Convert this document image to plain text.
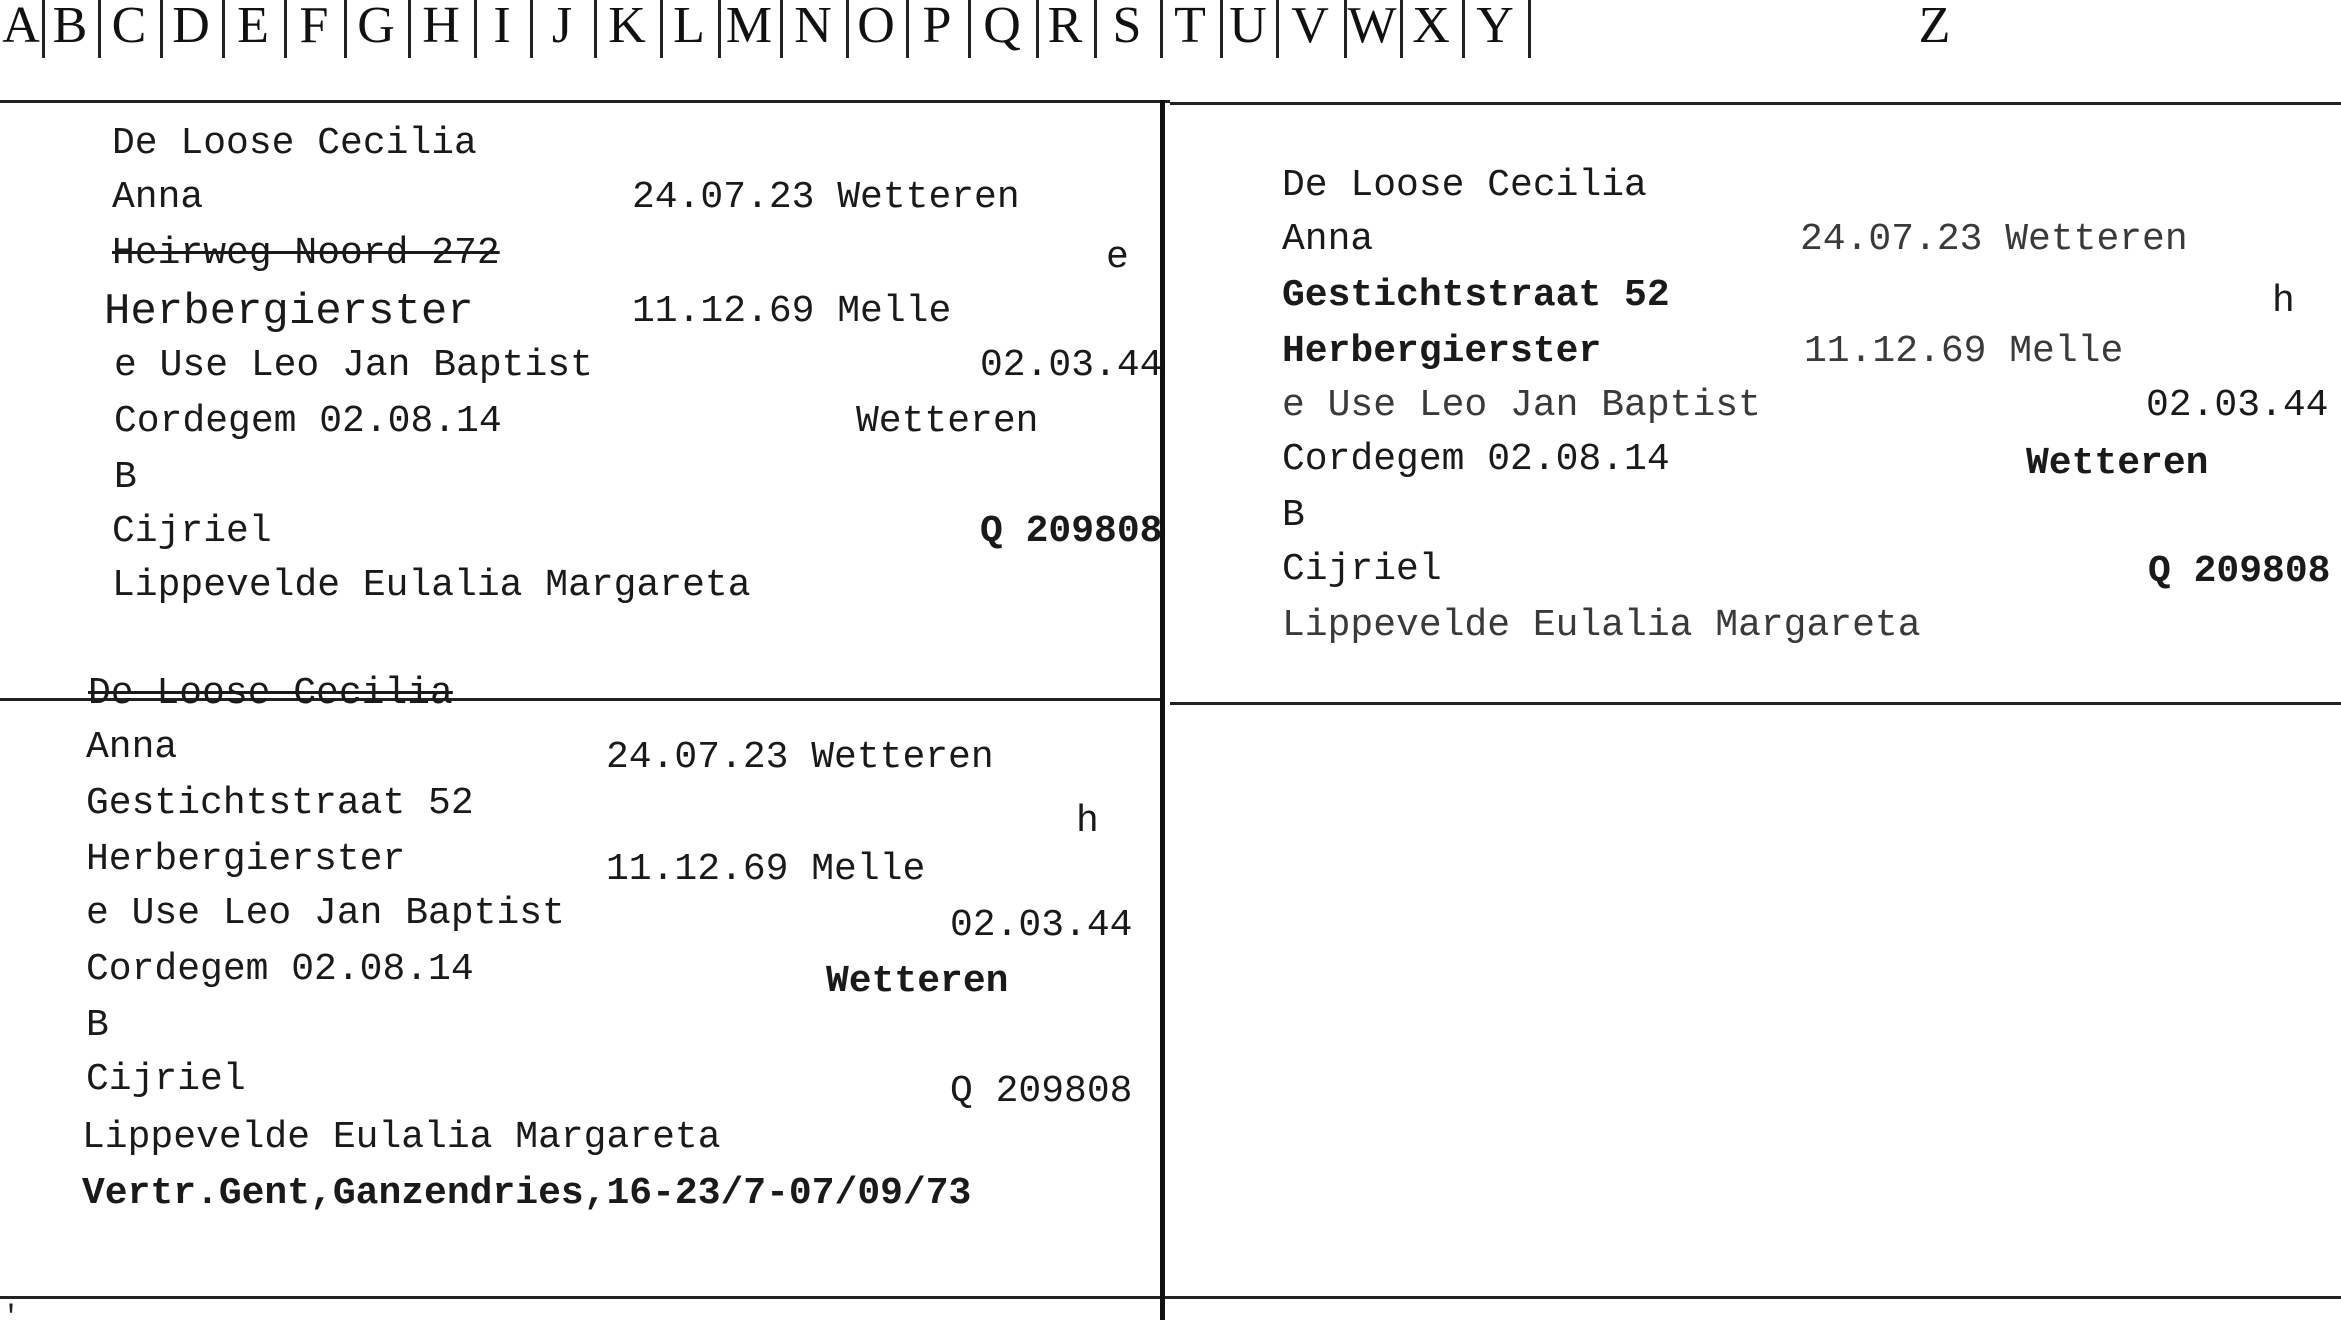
A B C D E F G H I J K L M N O P Q R S T U V W X Y	Z
De Loose Cecilia
Anna	24.07.23 Wetteren
Heirweg Noord 272	e
Herbergierster	11.12.69 Melle
e Use Leo Jan Baptist	02.03.44
Cordegem 02.08.14	Wetteren
B
Cijriel	Q 209808
Lippevelde Eulalia Margareta
De Loose Cecilia
Anna	24.07.23 Wetteren
Gestichtstraat 52	h
Herbergierster	11.12.69 Melle
e Use Leo Jan Baptist	02.03.44
Cordegem 02.08.14	Wetteren
B
Cijriel	Q 209808
Lippevelde Eulalia Margareta
De Loose Cecilia
Anna	24.07.23 Wetteren
Gestichtstraat 52	h
Herbergierster	11.12.69 Melle
e Use Leo Jan Baptist	02.03.44
Cordegem 02.08.14	Wetteren
B
Cijriel	Q 209808
Lippevelde Eulalia Margareta
Vertr.Gent,Ganzendries,16-23/7-07/09/73
'
